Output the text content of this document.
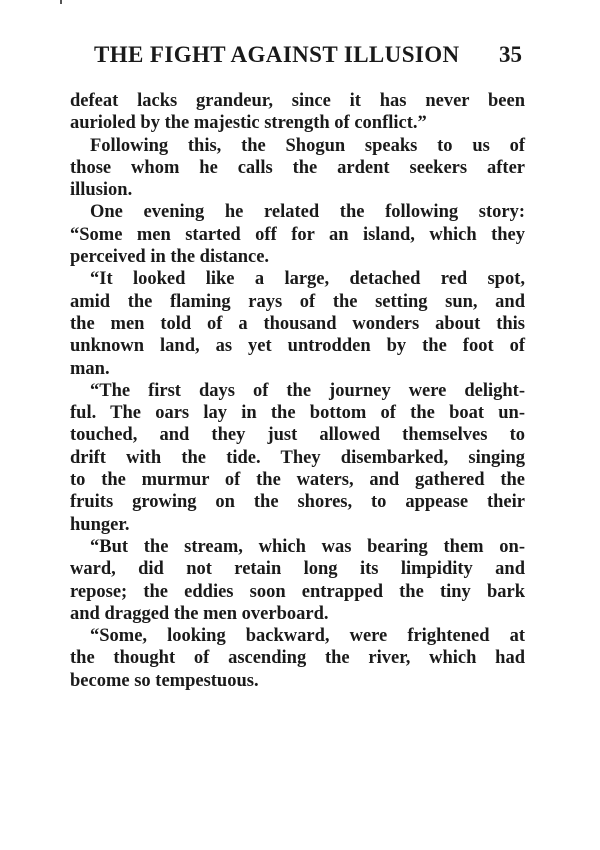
THE FIGHT AGAINST ILLUSION 35
defeat lacks grandeur, since it has never been
aurioled by the majestic strength of conflict.”
Following this, the Shogun speaks to us of
those whom he calls the ardent seekers after
illusion.
One evening he related the following story:
“Some men started off for an island, which they
perceived in the distance.
“It looked like a large, detached red spot,
amid the flaming rays of the setting sun, and
the men told of a thousand wonders about this
unknown land, as yet untrodden by the foot of
man.
“The first days of the journey were delight-
ful. The oars lay in the bottom of the boat un-
touched, and they just allowed themselves to
drift with the tide. They disembarked, singing
to the murmur of the waters, and gathered the
fruits growing on the shores, to appease their
hunger.
“But the stream, which was bearing them on-
ward, did not retain long its limpidity and
repose; the eddies soon entrapped the tiny bark
and dragged the men overboard.
“Some, looking backward, were frightened at
the thought of ascending the river, which had
become so tempestuous.
